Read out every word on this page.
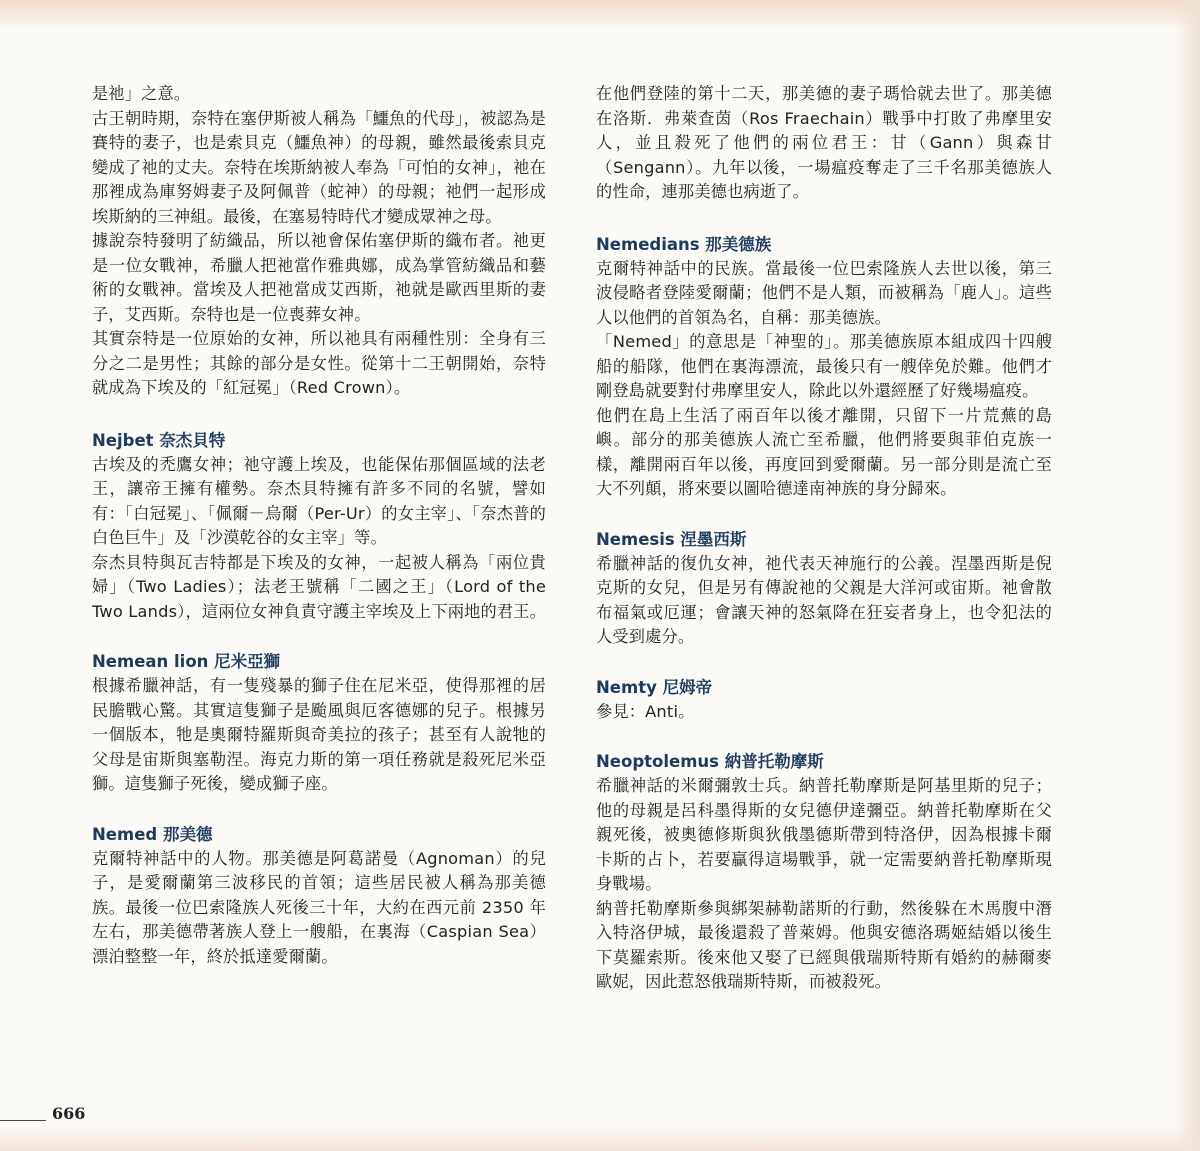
是祂」之意。

古王朝時期，奈特在塞伊斯被人稱為「鱷魚的代母」，被認為是賽特的妻子，也是索貝克（鱷魚神）的母親，雖然最後索貝克變成了祂的丈夫。奈特在埃斯納被人奉為「可怕的女神」，祂在那裡成為庫努姆妻子及阿佩普（蛇神）的母親；祂們一起形成埃斯納的三神組。最後，在塞易特時代才變成眾神之母。

據說奈特發明了紡織品，所以祂會保佑塞伊斯的織布者。祂更是一位女戰神，希臘人把祂當作雅典娜，成為掌管紡織品和藝術的女戰神。當埃及人把祂當成艾西斯，祂就是歐西里斯的妻子，艾西斯。奈特也是一位喪葬女神。

其實奈特是一位原始的女神，所以祂具有兩種性別：全身有三分之二是男性；其餘的部分是女性。從第十二王朝開始，奈特就成為下埃及的「紅冠冕」（Red Crown）。

Nejbet 奈杰貝特

古埃及的禿鷹女神；祂守護上埃及，也能保佑那個區域的法老王，讓帝王擁有權勢。奈杰貝特擁有許多不同的名號，譬如有：「白冠冕」、「佩爾－烏爾（Per-Ur）的女主宰」、「奈杰普的白色巨牛」及「沙漠乾谷的女主宰」等。

奈杰貝特與瓦吉特都是下埃及的女神，一起被人稱為「兩位貴婦」（Two Ladies）；法老王號稱「二國之王」（Lord of the Two Lands），這兩位女神負責守護主宰埃及上下兩地的君王。

Nemean lion 尼米亞獅

根據希臘神話，有一隻殘暴的獅子住在尼米亞，使得那裡的居民膽戰心驚。其實這隻獅子是颱風與厄客德娜的兒子。根據另一個版本，牠是奧爾特羅斯與奇美拉的孩子；甚至有人說牠的父母是宙斯與塞勒涅。海克力斯的第一項任務就是殺死尼米亞獅。這隻獅子死後，變成獅子座。

Nemed 那美德

克爾特神話中的人物。那美德是阿葛諾曼（Agnoman）的兒子，是愛爾蘭第三波移民的首領；這些居民被人稱為那美德族。最後一位巴索隆族人死後三十年，大約在西元前 2350 年左右，那美德帶著族人登上一艘船，在裏海（Caspian Sea）漂泊整整一年，終於抵達愛爾蘭。

在他們登陸的第十二天，那美德的妻子瑪恰就去世了。那美德在洛斯．弗萊查茵（Ros Fraechain）戰爭中打敗了弗摩里安人，並且殺死了他們的兩位君王：甘（Gann）與森甘（Sengann）。九年以後，一場瘟疫奪走了三千名那美德族人的性命，連那美德也病逝了。

Nemedians 那美德族

克爾特神話中的民族。當最後一位巴索隆族人去世以後，第三波侵略者登陸愛爾蘭；他們不是人類，而被稱為「鹿人」。這些人以他們的首領為名，自稱：那美德族。

「Nemed」的意思是「神聖的」。那美德族原本組成四十四艘船的船隊，他們在裏海漂流，最後只有一艘倖免於難。他們才剛登島就要對付弗摩里安人，除此以外還經歷了好幾場瘟疫。

他們在島上生活了兩百年以後才離開，只留下一片荒蕪的島嶼。部分的那美德族人流亡至希臘，他們將要與菲伯克族一樣，離開兩百年以後，再度回到愛爾蘭。另一部分則是流亡至大不列顛，將來要以圖哈德達南神族的身分歸來。

Nemesis 涅墨西斯

希臘神話的復仇女神，祂代表天神施行的公義。涅墨西斯是倪克斯的女兒，但是另有傳說祂的父親是大洋河或宙斯。祂會散布福氣或厄運；會讓天神的怒氣降在狂妄者身上，也令犯法的人受到處分。

Nemty 尼姆帝

參見：Anti。

Neoptolemus 納普托勒摩斯

希臘神話的米爾彌敦士兵。納普托勒摩斯是阿基里斯的兒子；他的母親是呂科墨得斯的女兒德伊達彌亞。納普托勒摩斯在父親死後，被奧德修斯與狄俄墨德斯帶到特洛伊，因為根據卡爾卡斯的占卜，若要贏得這場戰爭，就一定需要納普托勒摩斯現身戰場。

納普托勒摩斯參與綁架赫勒諾斯的行動，然後躲在木馬腹中潛入特洛伊城，最後還殺了普萊姆。他與安德洛瑪姬結婚以後生下莫羅索斯。後來他又娶了已經與俄瑞斯特斯有婚約的赫爾麥歐妮，因此惹怒俄瑞斯特斯，而被殺死。

666
